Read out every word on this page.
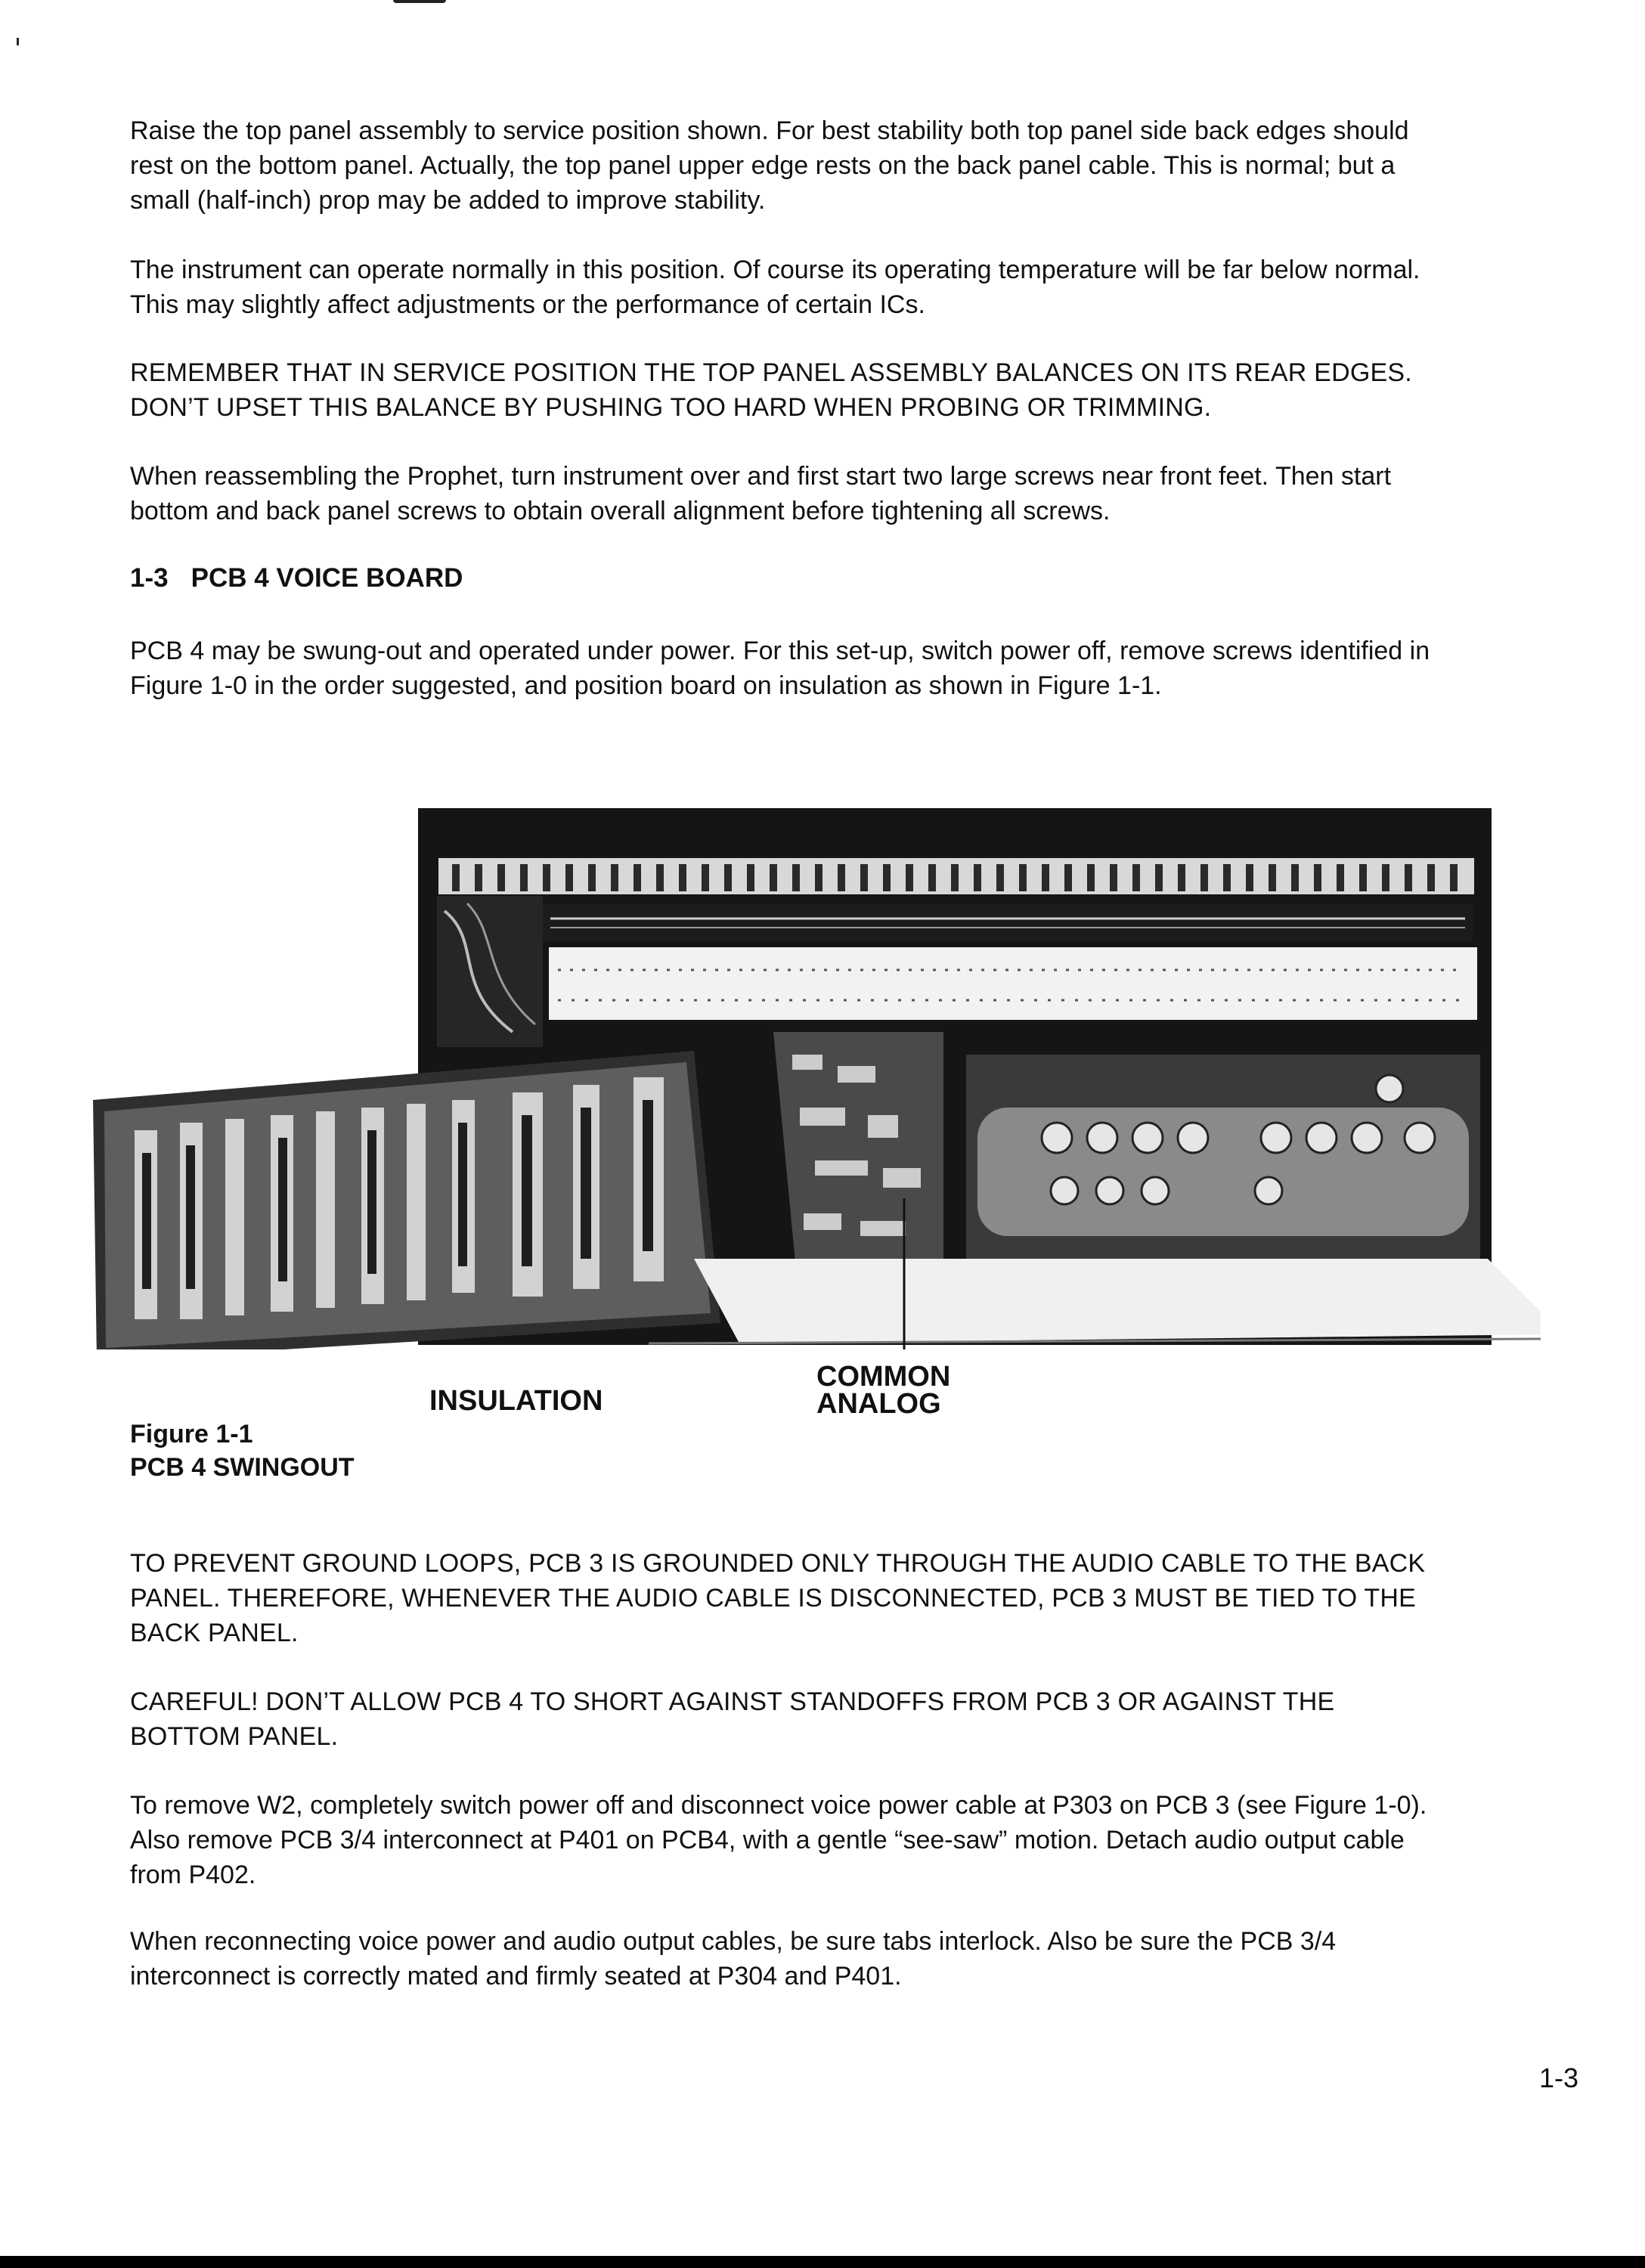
Raise the top panel assembly to service position shown. For best stability both top panel side back edges should rest on the bottom panel. Actually, the top panel upper edge rests on the back panel cable. This is normal; but a small (half-inch) prop may be added to improve stability.

The instrument can operate normally in this position. Of course its operating temperature will be far below normal. This may slightly affect adjustments or the performance of certain ICs.

REMEMBER THAT IN SERVICE POSITION THE TOP PANEL ASSEMBLY BALANCES ON ITS REAR EDGES. DON’T UPSET THIS BALANCE BY PUSHING TOO HARD WHEN PROBING OR TRIMMING.

When reassembling the Prophet, turn instrument over and first start two large screws near front feet. Then start bottom and back panel screws to obtain overall alignment before tightening all screws.

1-3 PCB 4 VOICE BOARD

PCB 4 may be swung-out and operated under power. For this set-up, switch power off, remove screws identified in Figure 1-0 in the order suggested, and position board on insulation as shown in Figure 1-1.

INSULATION
COMMON
ANALOG
Figure 1-1
PCB 4 SWINGOUT

TO PREVENT GROUND LOOPS, PCB 3 IS GROUNDED ONLY THROUGH THE AUDIO CABLE TO THE BACK PANEL. THEREFORE, WHENEVER THE AUDIO CABLE IS DISCONNECTED, PCB 3 MUST BE TIED TO THE BACK PANEL.

CAREFUL! DON’T ALLOW PCB 4 TO SHORT AGAINST STANDOFFS FROM PCB 3 OR AGAINST THE BOTTOM PANEL.

To remove W2, completely switch power off and disconnect voice power cable at P303 on PCB 3 (see Figure 1-0). Also remove PCB 3/4 interconnect at P401 on PCB4, with a gentle “see-saw” motion. Detach audio output cable from P402.

When reconnecting voice power and audio output cables, be sure tabs interlock. Also be sure the PCB 3/4 interconnect is correctly mated and firmly seated at P304 and P401.

1-3
